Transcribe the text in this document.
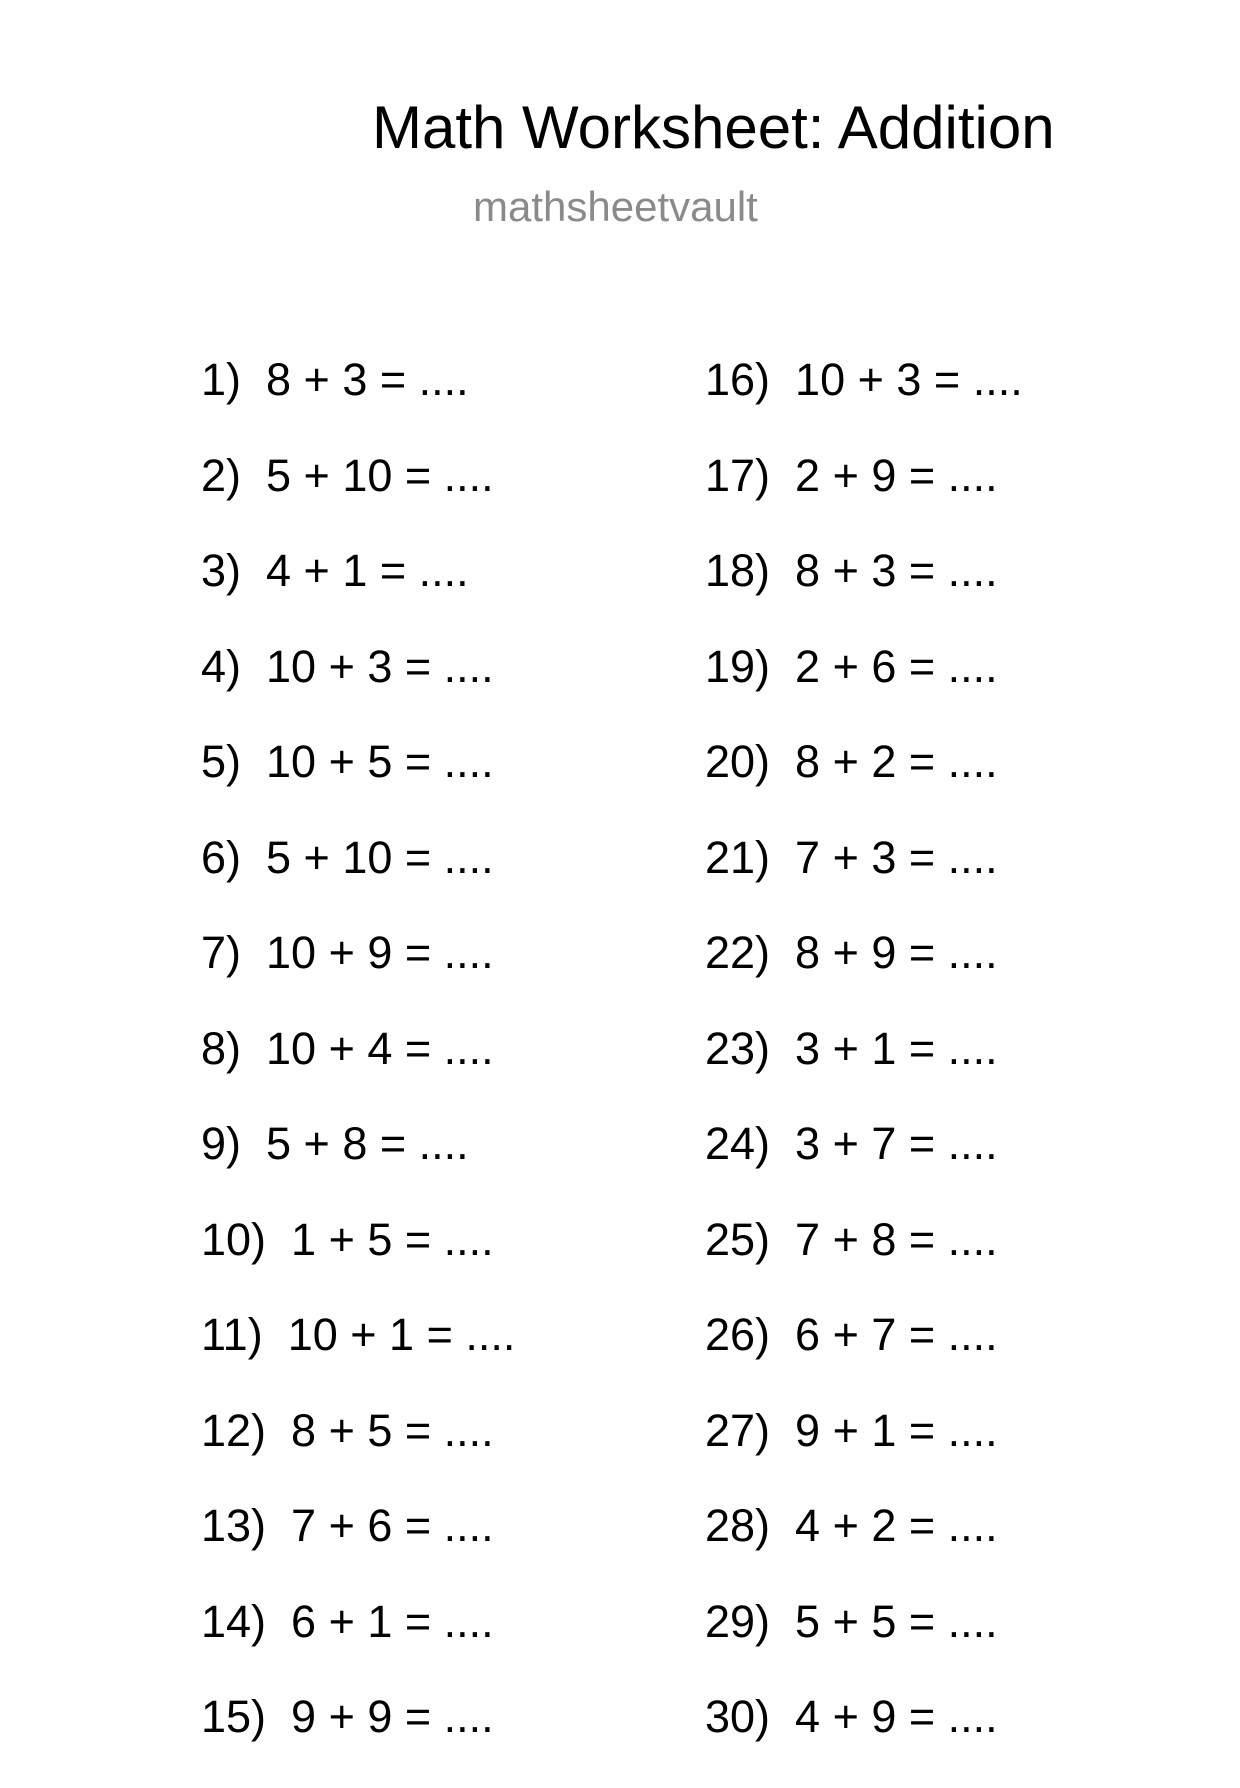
Math Worksheet: Addition
mathsheetvault
1)  8 + 3 = ....
2)  5 + 10 = ....
3)  4 + 1 = ....
4)  10 + 3 = ....
5)  10 + 5 = ....
6)  5 + 10 = ....
7)  10 + 9 = ....
8)  10 + 4 = ....
9)  5 + 8 = ....
10)  1 + 5 = ....
11)  10 + 1 = ....
12)  8 + 5 = ....
13)  7 + 6 = ....
14)  6 + 1 = ....
15)  9 + 9 = ....
16)  10 + 3 = ....
17)  2 + 9 = ....
18)  8 + 3 = ....
19)  2 + 6 = ....
20)  8 + 2 = ....
21)  7 + 3 = ....
22)  8 + 9 = ....
23)  3 + 1 = ....
24)  3 + 7 = ....
25)  7 + 8 = ....
26)  6 + 7 = ....
27)  9 + 1 = ....
28)  4 + 2 = ....
29)  5 + 5 = ....
30)  4 + 9 = ....
